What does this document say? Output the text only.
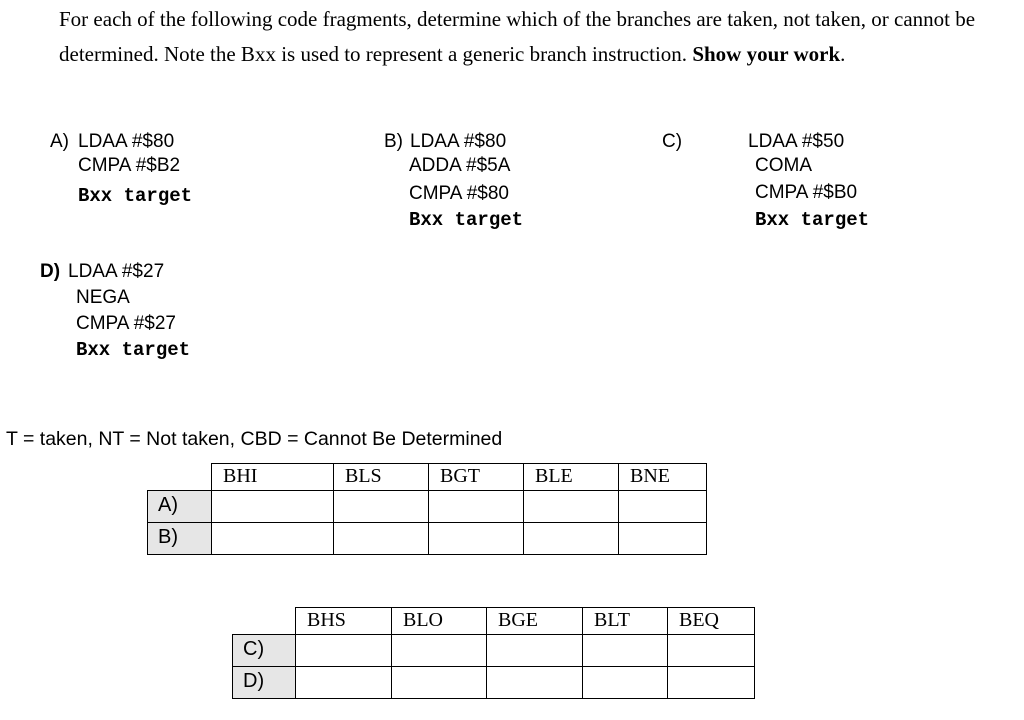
For each of the following code fragments, determine which of the branches are taken, not taken, or cannot be determined. Note the Bxx is used to represent a generic branch instruction. Show your work.

A) LDAA #$80
CMPA #$B2
Bxx target
B) LDAA #$80
ADDA #$5A
CMPA #$80
Bxx target
C)	LDAA #$50
COMA
CMPA #$B0
Bxx target
D) LDAA #$27
NEGA
CMPA #$27
Bxx target
T = taken, NT = Not taken, CBD = Cannot Be Determined
	BHI	BLS	BGT	BLE	BNE
A)					
B)					
	BHS	BLO	BGE	BLT	BEQ
C)					
D)					
